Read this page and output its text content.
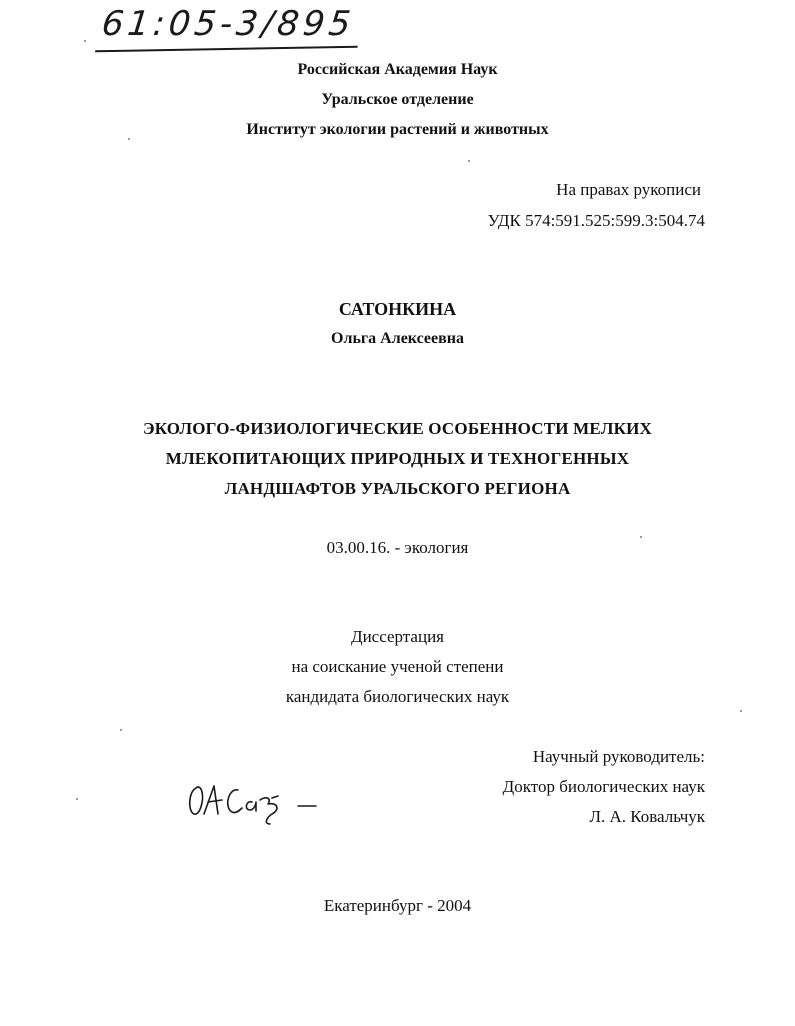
61:05-3/895
Российская Академия Наук
Уральское отделение
Институт экологии растений и животных
На правах рукописи
УДК 574:591.525:599.3:504.74
САТОНКИНА
Ольга Алексеевна
ЭКОЛОГО-ФИЗИОЛОГИЧЕСКИЕ ОСОБЕННОСТИ МЕЛКИХ
МЛЕКОПИТАЮЩИХ ПРИРОДНЫХ И ТЕХНОГЕННЫХ
ЛАНДШАФТОВ УРАЛЬСКОГО РЕГИОНА
03.00.16. - экология
Диссертация
на соискание ученой степени
кандидата биологических наук
Научный руководитель:
Доктор биологических наук
Л. А. Ковальчук
Екатеринбург - 2004
